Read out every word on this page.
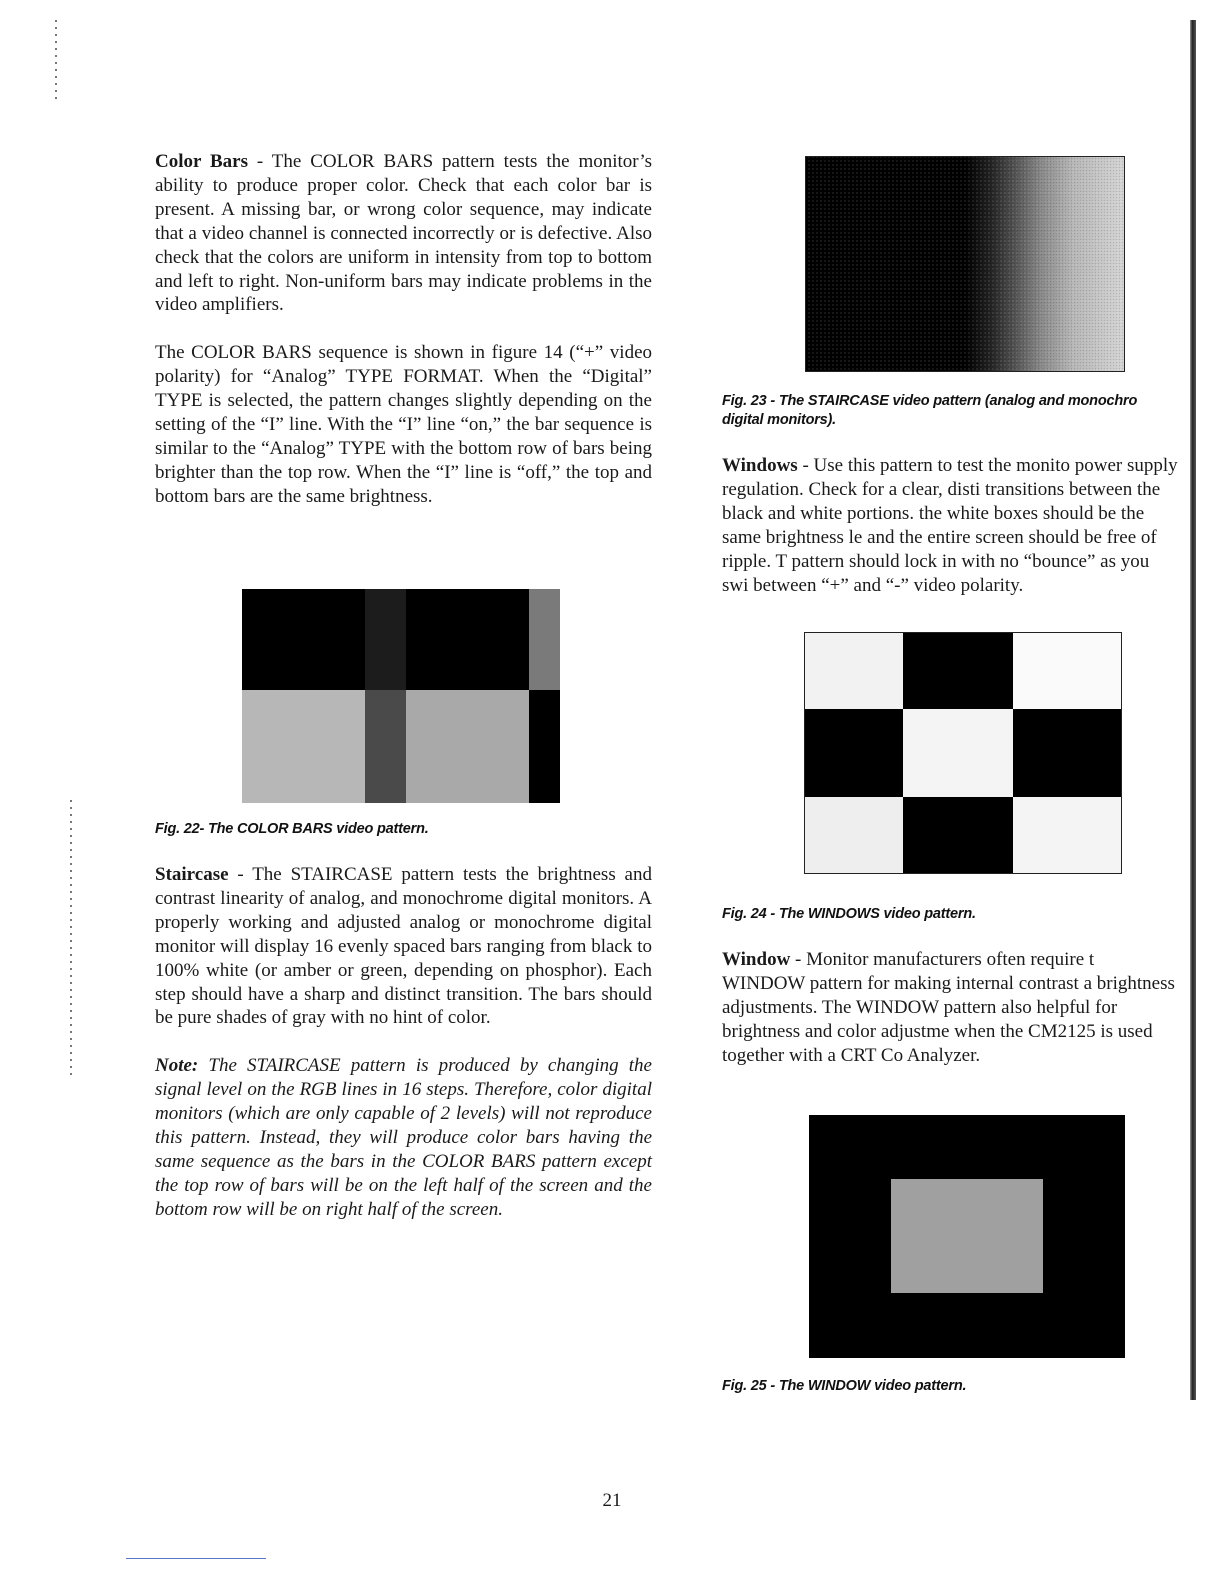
Color Bars - The COLOR BARS pattern tests the monitor’s ability to produce proper color. Check that each color bar is present. A missing bar, or wrong color sequence, may indicate that a video channel is connected incorrectly or is defective. Also check that the colors are uniform in intensity from top to bottom and left to right. Non-uniform bars may indicate problems in the video amplifiers.

The COLOR BARS sequence is shown in figure 14 (“+” video polarity) for “Analog” TYPE FORMAT. When the “Digital” TYPE is selected, the pattern changes slightly depending on the setting of the “I” line. With the “I” line “on,” the bar sequence is similar to the “Analog” TYPE with the bottom row of bars being brighter than the top row. When the “I” line is “off,” the top and bottom bars are the same brightness.

Fig. 22- The COLOR BARS video pattern.

Staircase - The STAIRCASE pattern tests the brightness and contrast linearity of analog, and monochrome digital monitors. A properly working and adjusted analog or monochrome digital monitor will display 16 evenly spaced bars ranging from black to 100% white (or amber or green, depending on phosphor). Each step should have a sharp and distinct transition. The bars should be pure shades of gray with no hint of color.

Note: The STAIRCASE pattern is produced by changing the signal level on the RGB lines in 16 steps. Therefore, color digital monitors (which are only capable of 2 levels) will not reproduce this pattern. Instead, they will produce color bars having the same sequence as the bars in the COLOR BARS pattern except the top row of bars will be on the left half of the screen and the bottom row will be on right half of the screen.

Fig. 23 - The STAIRCASE video pattern (analog and monochro
digital monitors).

Windows - Use this pattern to test the monito power supply regulation. Check for a clear, disti transitions between the black and white portions. the white boxes should be the same brightness le and the entire screen should be free of ripple. T pattern should lock in with no “bounce” as you swi between “+” and “-” video polarity.

Fig. 24 - The WINDOWS video pattern.

Window - Monitor manufacturers often require t WINDOW pattern for making internal contrast a brightness adjustments. The WINDOW pattern also helpful for brightness and color adjustme when the CM2125 is used together with a CRT Co Analyzer.

Fig. 25 - The WINDOW video pattern.
21
